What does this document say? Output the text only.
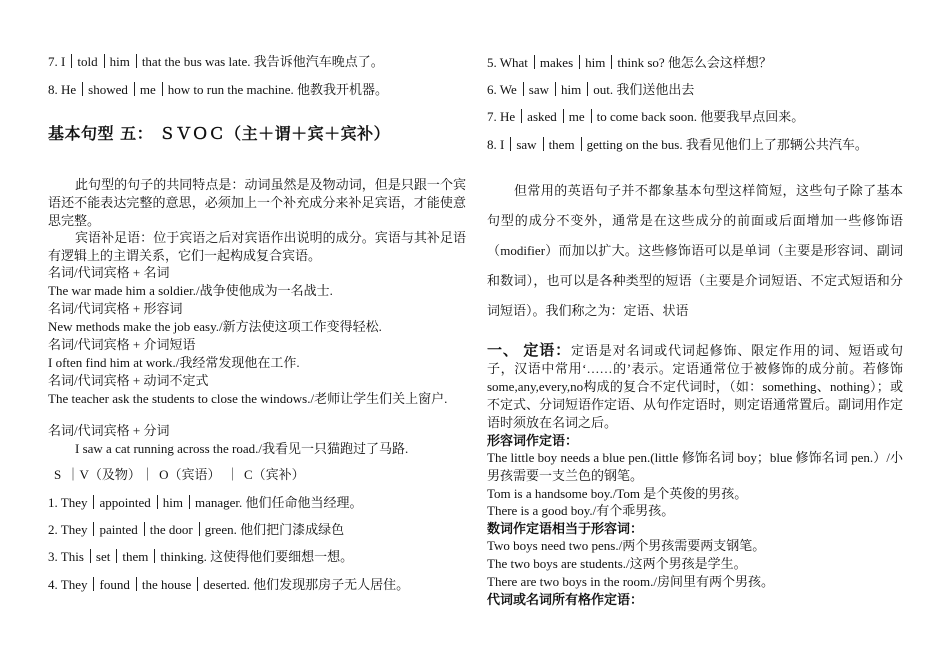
7. I told him that the bus was late. 我告诉他汽车晚点了。
8. He showed me how to run the machine. 他教我开机器。
基本句型 五： ＳＶＯＣ（主＋谓＋宾＋宾补）
此句型的句子的共同特点是：动词虽然是及物动词，但是只跟一个宾语还不能表达完整的意思，必须加上一个补充成分来补足宾语，才能使意思完整。
宾语补足语：位于宾语之后对宾语作出说明的成分。宾语与其补足语有逻辑上的主谓关系，它们一起构成复合宾语。
名词/代词宾格 + 名词
The war made him a soldier./战争使他成为一名战士.
名词/代词宾格 + 形容词
New methods make the job easy./新方法使这项工作变得轻松.
名词/代词宾格 + 介词短语
I often find him at work./我经常发现他在工作.
名词/代词宾格 + 动词不定式
The teacher ask the students to close the windows./老师让学生们关上窗户.
名词/代词宾格 + 分词
I saw a cat running across the road./我看见一只猫跑过了马路.
S ｜V（及物）｜ O（宾语） ｜ C（宾补）
1. They appointed him manager. 他们任命他当经理。
2. They painted the door green. 他们把门漆成绿色
3. This set them thinking. 这使得他们要细想一想。
4. They found the house deserted. 他们发现那房子无人居住。
5. What makes him think so? 他怎么会这样想？
6. We saw him out. 我们送他出去
7. He asked me to come back soon. 他要我早点回来。
8. I saw them getting on the bus. 我看见他们上了那辆公共汽车。
但常用的英语句子并不都象基本句型这样简短，这些句子除了基本句型的成分不变外，通常是在这些成分的前面或后面增加一些修饰语（modifier）而加以扩大。这些修饰语可以是单词（主要是形容词、副词和数词），也可以是各种类型的短语（主要是介词短语、不定式短语和分词短语）。我们称之为：定语、状语
一、 定语：定语是对名词或代词起修饰、限定作用的词、短语或句子，汉语中常用‘……的’表示。定语通常位于被修饰的成分前。若修饰some,any,every,no构成的复合不定代词时，（如：something、nothing）；或不定式、分词短语作定语、从句作定语时，则定语通常置后。副词用作定语时须放在名词之后。
形容词作定语：
The little boy needs a blue pen.(little 修饰名词 boy；blue 修饰名词 pen.）/小男孩需要一支兰色的钢笔。
Tom is a handsome boy./Tom 是个英俊的男孩。
There is a good boy./有个乖男孩。
数词作定语相当于形容词：
Two boys need two pens./两个男孩需要两支钢笔。
The two boys are students./这两个男孩是学生。
There are two boys in the room./房间里有两个男孩。
代词或名词所有格作定语：
